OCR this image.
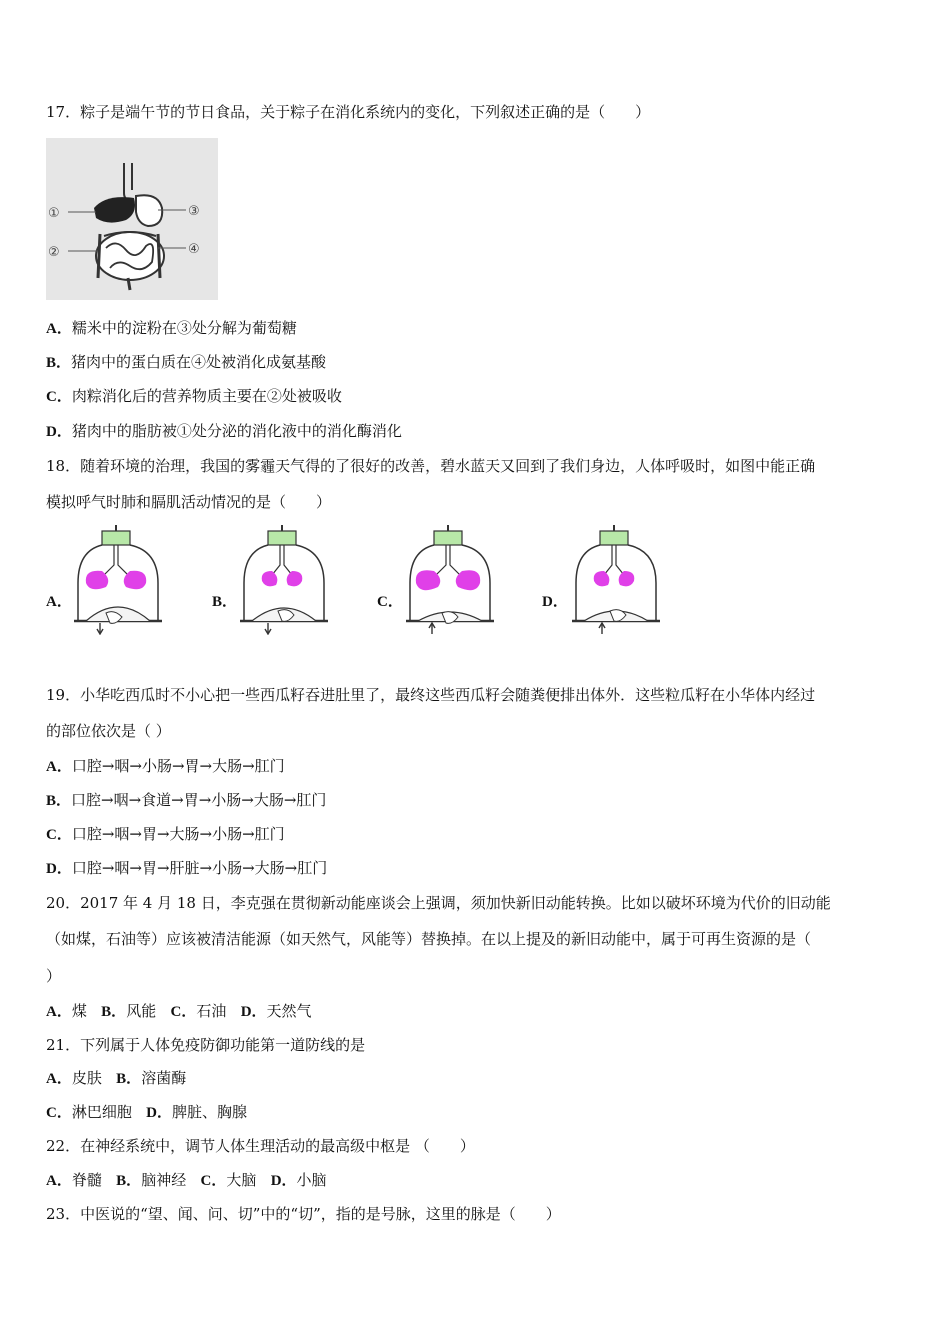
17．粽子是端午节的节日食品，关于粽子在消化系统内的变化，下列叙述正确的是（　　）
①
②
③
④
A．糯米中的淀粉在③处分解为葡萄糖
B．猪肉中的蛋白质在④处被消化成氨基酸
C．肉粽消化后的营养物质主要在②处被吸收
D．猪肉中的脂肪被①处分泌的消化液中的消化酶消化
18．随着环境的治理，我国的雾霾天气得的了很好的改善，碧水蓝天又回到了我们身边，人体呼吸时，如图中能正确
模拟呼气时肺和膈肌活动情况的是（　　）
A．	B．	C．	D．
19．小华吃西瓜时不小心把一些西瓜籽吞进肚里了，最终这些西瓜籽会随粪便排出体外．这些粒瓜籽在小华体内经过
的部位依次是（ ）
A．口腔→咽→小肠→胃→大肠→肛门
B．口腔→咽→食道→胃→小肠→大肠→肛门
C．口腔→咽→胃→大肠→小肠→肛门
D．口腔→咽→胃→肝脏→小肠→大肠→肛门
20．2017 年 4 月 18 日，李克强在贯彻新动能座谈会上强调，须加快新旧动能转换。比如以破坏环境为代价的旧动能
（如煤，石油等）应该被清洁能源（如天然气，风能等）替换掉。在以上提及的新旧动能中，属于可再生资源的是（
）
A．煤 B．风能 C．石油 D．天然气
21．下列属于人体免疫防御功能第一道防线的是
A．皮肤 B．溶菌酶
C．淋巴细胞 D．脾脏、胸腺
22．在神经系统中，调节人体生理活动的最高级中枢是 （　　）
A．脊髓 B．脑神经 C．大脑 D．小脑
23．中医说的“望、闻、问、切”中的“切”，指的是号脉，这里的脉是（　　）
